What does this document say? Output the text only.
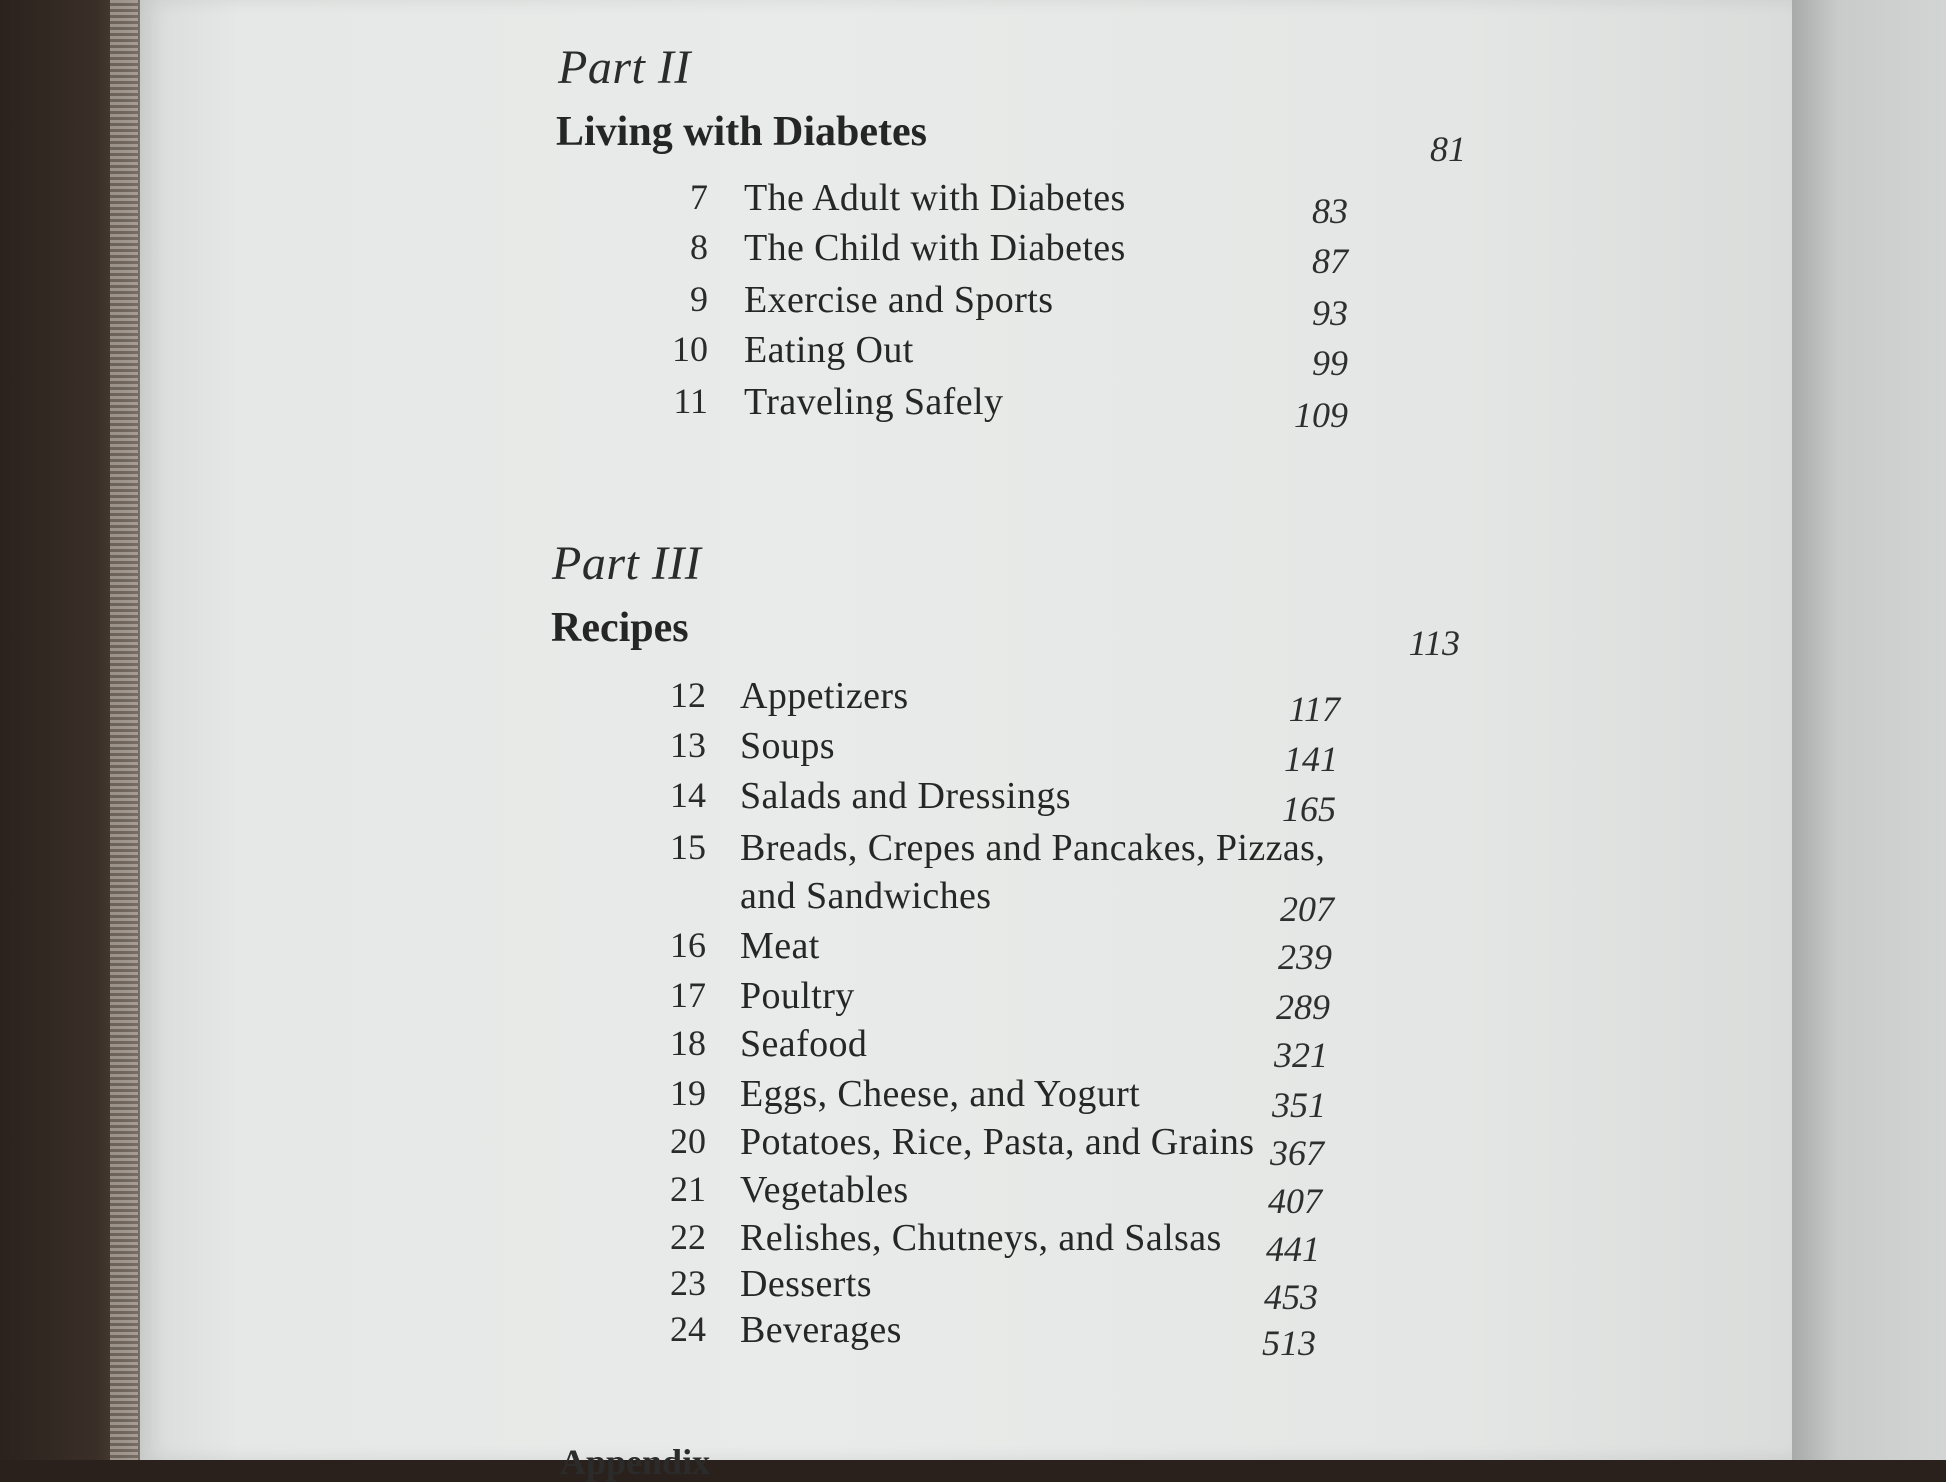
Part II
Living with Diabetes	81
7 The Adult with Diabetes	83
8 The Child with Diabetes	87
9 Exercise and Sports	93
10 Eating Out	99
11 Traveling Safely	109
Part III
Recipes	113
12 Appetizers	117
13 Soups	141
14 Salads and Dressings	165
15 Breads, Crepes and Pancakes, Pizzas,
and Sandwiches	207
16 Meat	239
17 Poultry	289
18 Seafood	321
19 Eggs, Cheese, and Yogurt	351
20 Potatoes, Rice, Pasta, and Grains 367
21 Vegetables	407
22 Relishes, Chutneys, and Salsas	441
23 Desserts	453
24 Beverages	513
Appendix
